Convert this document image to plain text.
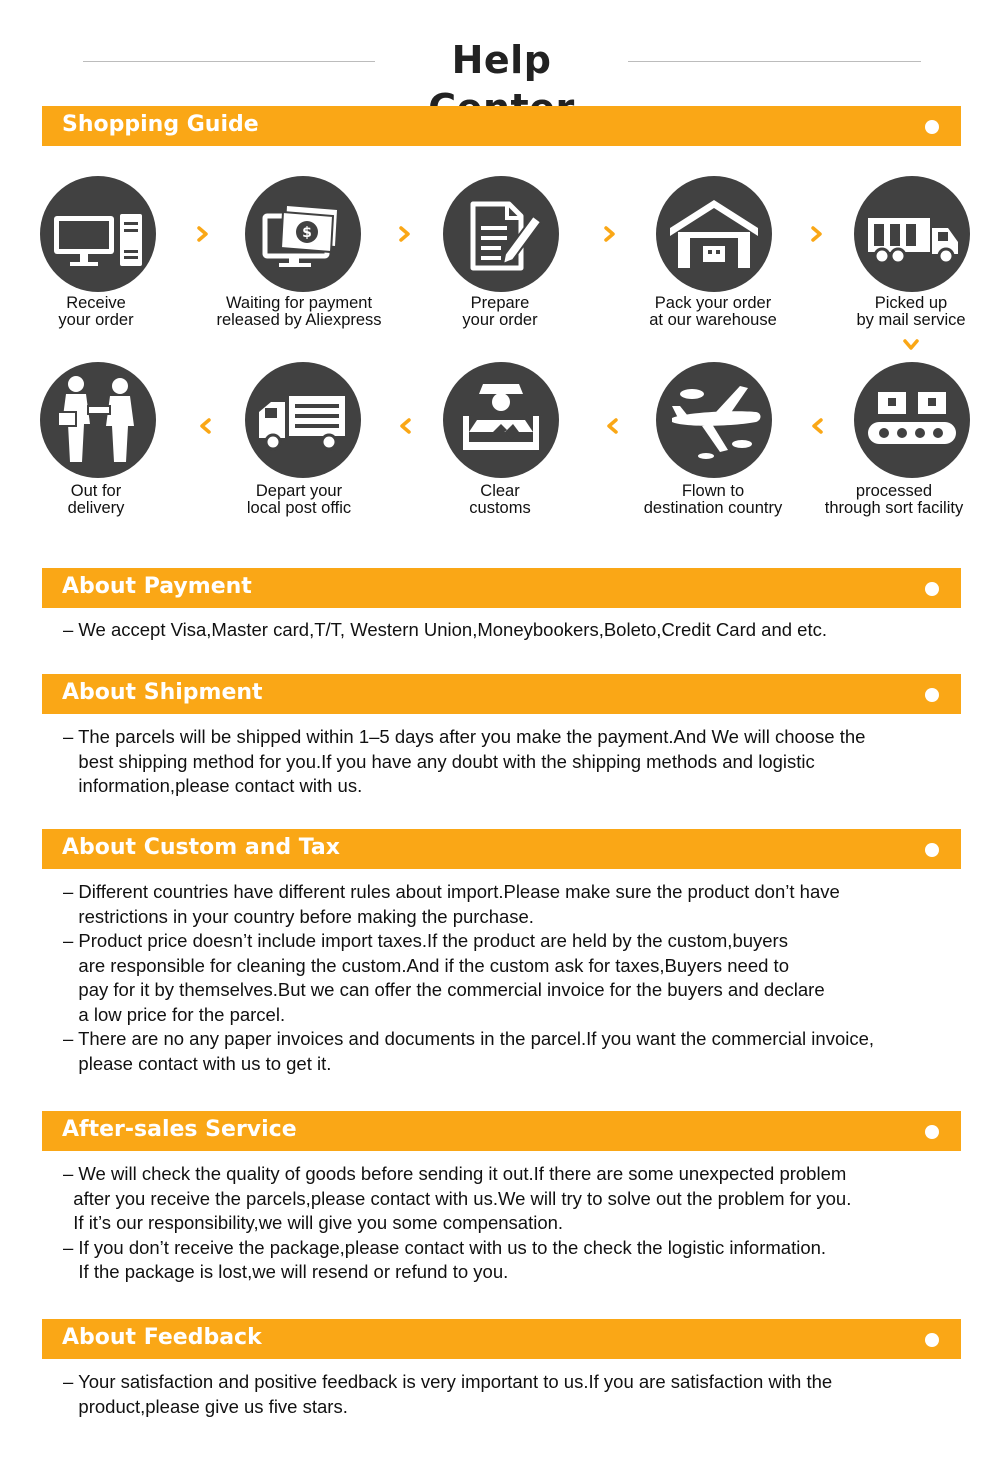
Help
Shopping Guide
$
Receive
your order
Waiting for payment
released by Aliexpress
Prepare
your order
Pack your order
at our warehouse
Picked up
by mail service
Out for
delivery
Depart your
local post offic
Clear
customs
Flown to
destination country
processed
through sort facility
About Payment
– We accept Visa,Master card,T/T, Western Union,Moneybookers,Boleto,Credit Card and etc.
About Shipment
– The parcels will be shipped within 1–5 days after you make the payment.And We will choose the
best shipping method for you.If you have any doubt with the shipping methods and logistic
information,please contact with us.
About Custom and Tax
– Different countries have different rules about import.Please make sure the product don’t have
restrictions in your country before making the purchase.
– Product price doesn’t include import taxes.If the product are held by the custom,buyers
are responsible for cleaning the custom.And if the custom ask for taxes,Buyers need to
pay for it by themselves.But we can offer the commercial invoice for the buyers and declare
a low price for the parcel.
– There are no any paper invoices and documents in the parcel.If you want the commercial invoice,
please contact with us to get it.
After-sales Service
– We will check the quality of goods before sending it out.If there are some unexpected problem
after you receive the parcels,please contact with us.We will try to solve out the problem for you.
If it’s our responsibility,we will give you some compensation.
– If you don’t receive the package,please contact with us to the check the logistic information.
If the package is lost,we will resend or refund to you.
About Feedback
– Your satisfaction and positive feedback is very important to us.If you are satisfaction with the
product,please give us five stars.
